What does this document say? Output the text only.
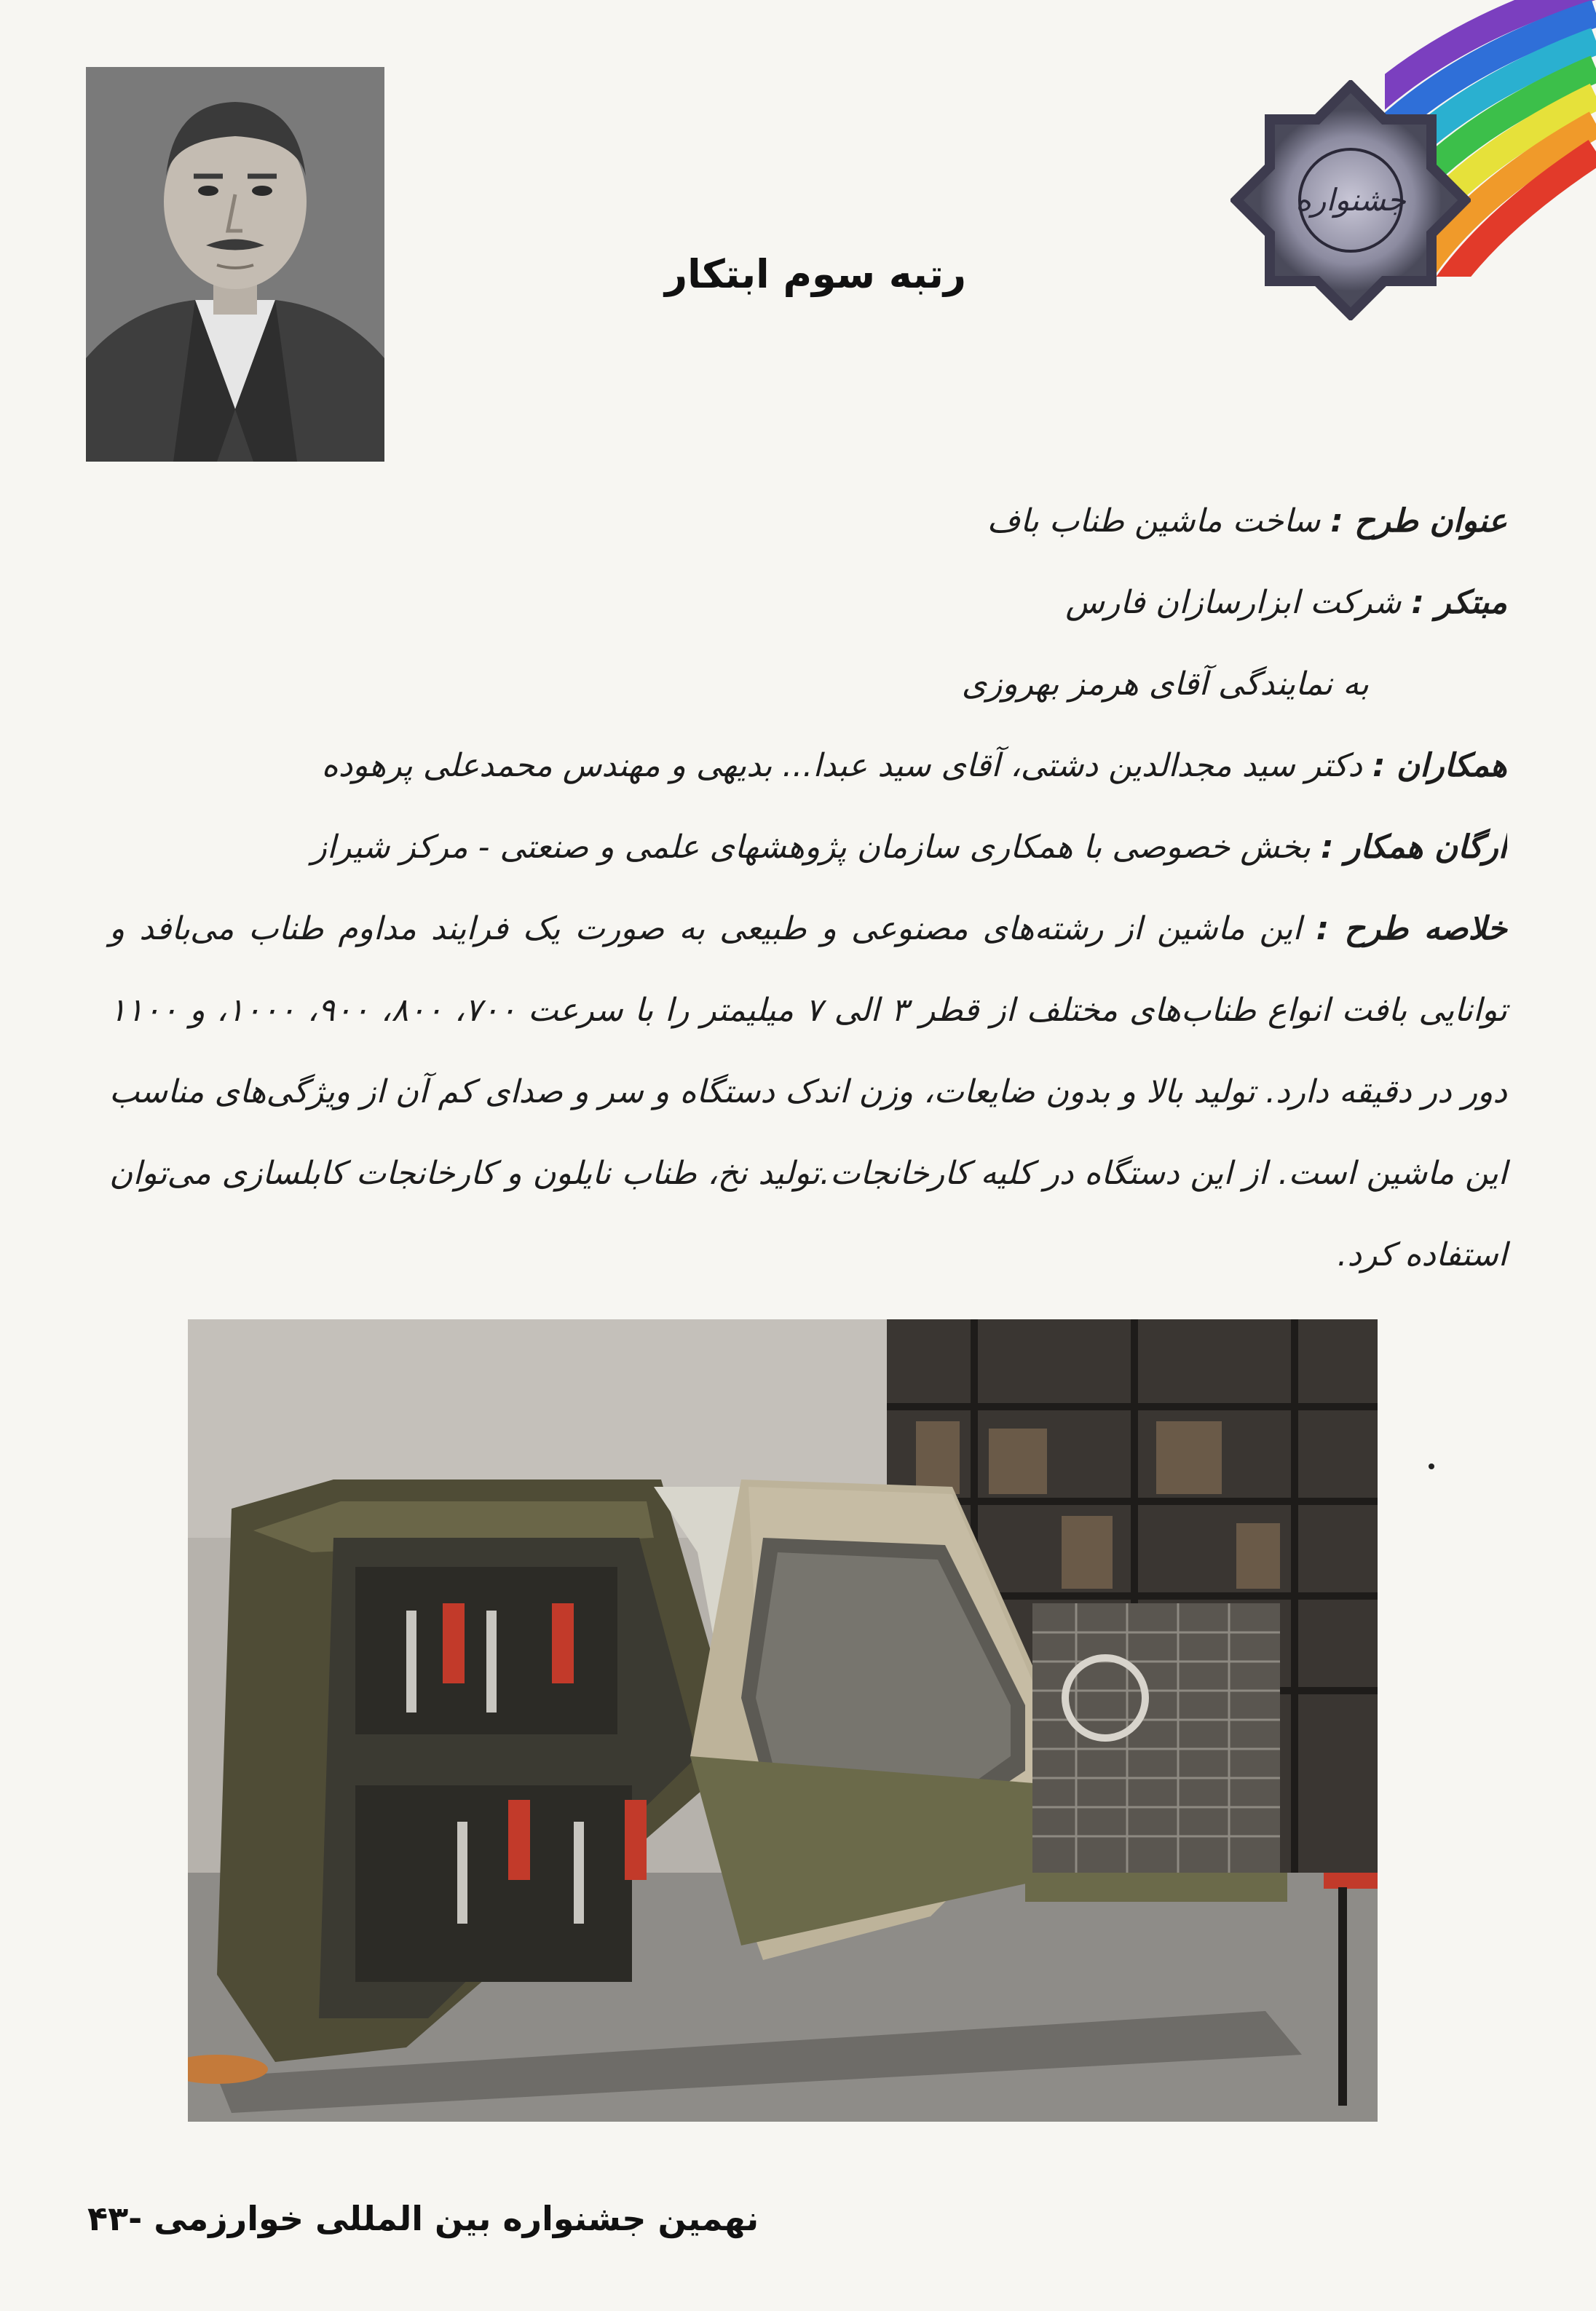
جشنواره
رتبه سوم ابتکار
عنوان طرح : ساخت ماشین طناب باف
مبتکر : شرکت ابزارسازان فارس
به نمایندگی آقای هرمز بهروزی
همکاران : دکتر سید مجدالدین دشتی، آقای سید عبدا... بدیهی و مهندس محمدعلی پرهوده
ارگان همکار : بخش خصوصی با همکاری سازمان پژوهشهای علمی و صنعتی - مرکز شیراز
خلاصه طرح : این ماشین از رشته‌های مصنوعی و طبیعی به صورت یک فرایند مداوم طناب می‌بافد و توانایی بافت انواع طناب‌های مختلف از قطر ۳ الی ۷ میلیمتر را با سرعت ۷۰۰، ۸۰۰، ۹۰۰، ۱۰۰۰، و ۱۱۰۰ دور در دقیقه دارد. تولید بالا و بدون ضایعات، وزن اندک دستگاه و سر و صدای کم آن از ویژگی‌های مناسب این ماشین است. از این دستگاه در کلیه کارخانجات.تولید نخ، طناب نایلون و کارخانجات کابلسازی می‌توان استفاده کرد.
نهمین جشنواره بین المللی خوارزمی -۴۳
